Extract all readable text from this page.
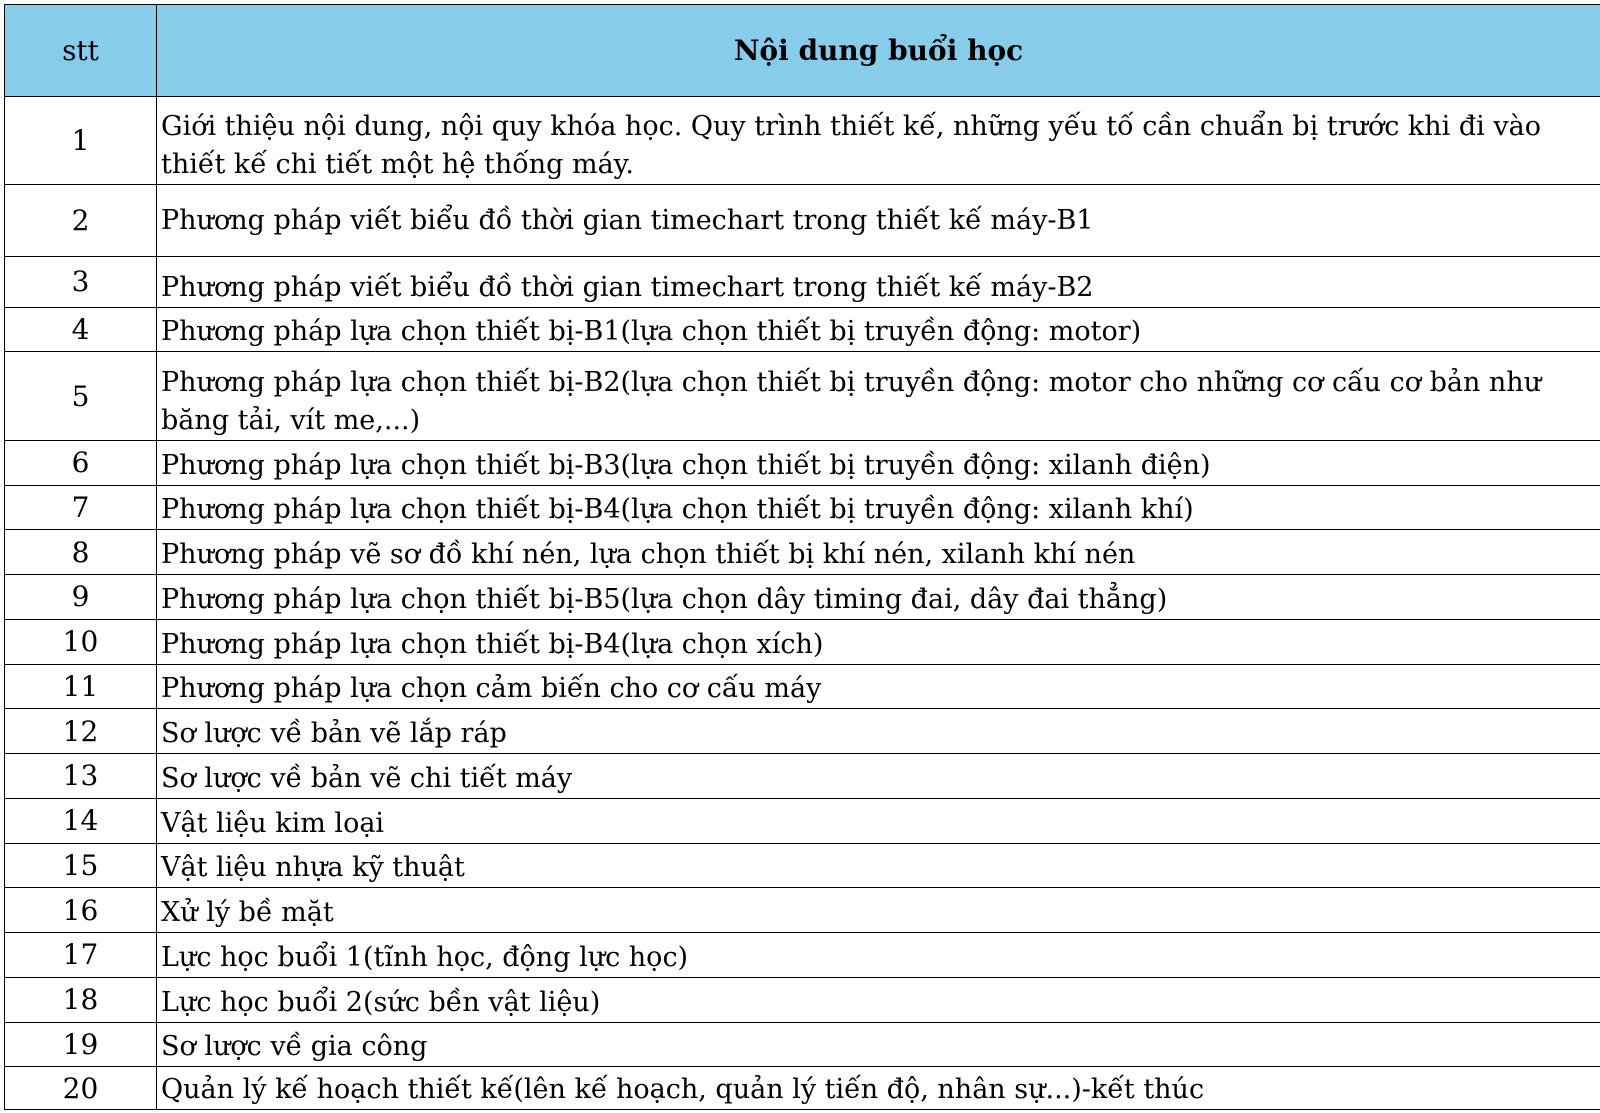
stt	Nội dung buổi học
1	Giới thiệu nội dung, nội quy khóa học. Quy trình thiết kế, những yếu tố cần chuẩn bị trước khi đi vào thiết kế chi tiết một hệ thống máy.
2	Phương pháp viết biểu đồ thời gian timechart trong thiết kế máy-B1
3	Phương pháp viết biểu đồ thời gian timechart trong thiết kế máy-B2
4	Phương pháp lựa chọn thiết bị-B1(lựa chọn thiết bị truyền động: motor)
5	Phương pháp lựa chọn thiết bị-B2(lựa chọn thiết bị truyền động: motor cho những cơ cấu cơ bản như băng tải, vít me,...)
6	Phương pháp lựa chọn thiết bị-B3(lựa chọn thiết bị truyền động: xilanh điện)
7	Phương pháp lựa chọn thiết bị-B4(lựa chọn thiết bị truyền động: xilanh khí)
8	Phương pháp vẽ sơ đồ khí nén, lựa chọn thiết bị khí nén, xilanh khí nén
9	Phương pháp lựa chọn thiết bị-B5(lựa chọn dây timing đai, dây đai thẳng)
10	Phương pháp lựa chọn thiết bị-B4(lựa chọn xích)
11	Phương pháp lựa chọn cảm biến cho cơ cấu máy
12	Sơ lược về bản vẽ lắp ráp
13	Sơ lược về bản vẽ chi tiết máy
14	Vật liệu kim loại
15	Vật liệu nhựa kỹ thuật
16	Xử lý bề mặt
17	Lực học buổi 1(tĩnh học, động lực học)
18	Lực học buổi 2(sức bền vật liệu)
19	Sơ lược về gia công
20	Quản lý kế hoạch thiết kế(lên kế hoạch, quản lý tiến độ, nhân sự...)-kết thúc
